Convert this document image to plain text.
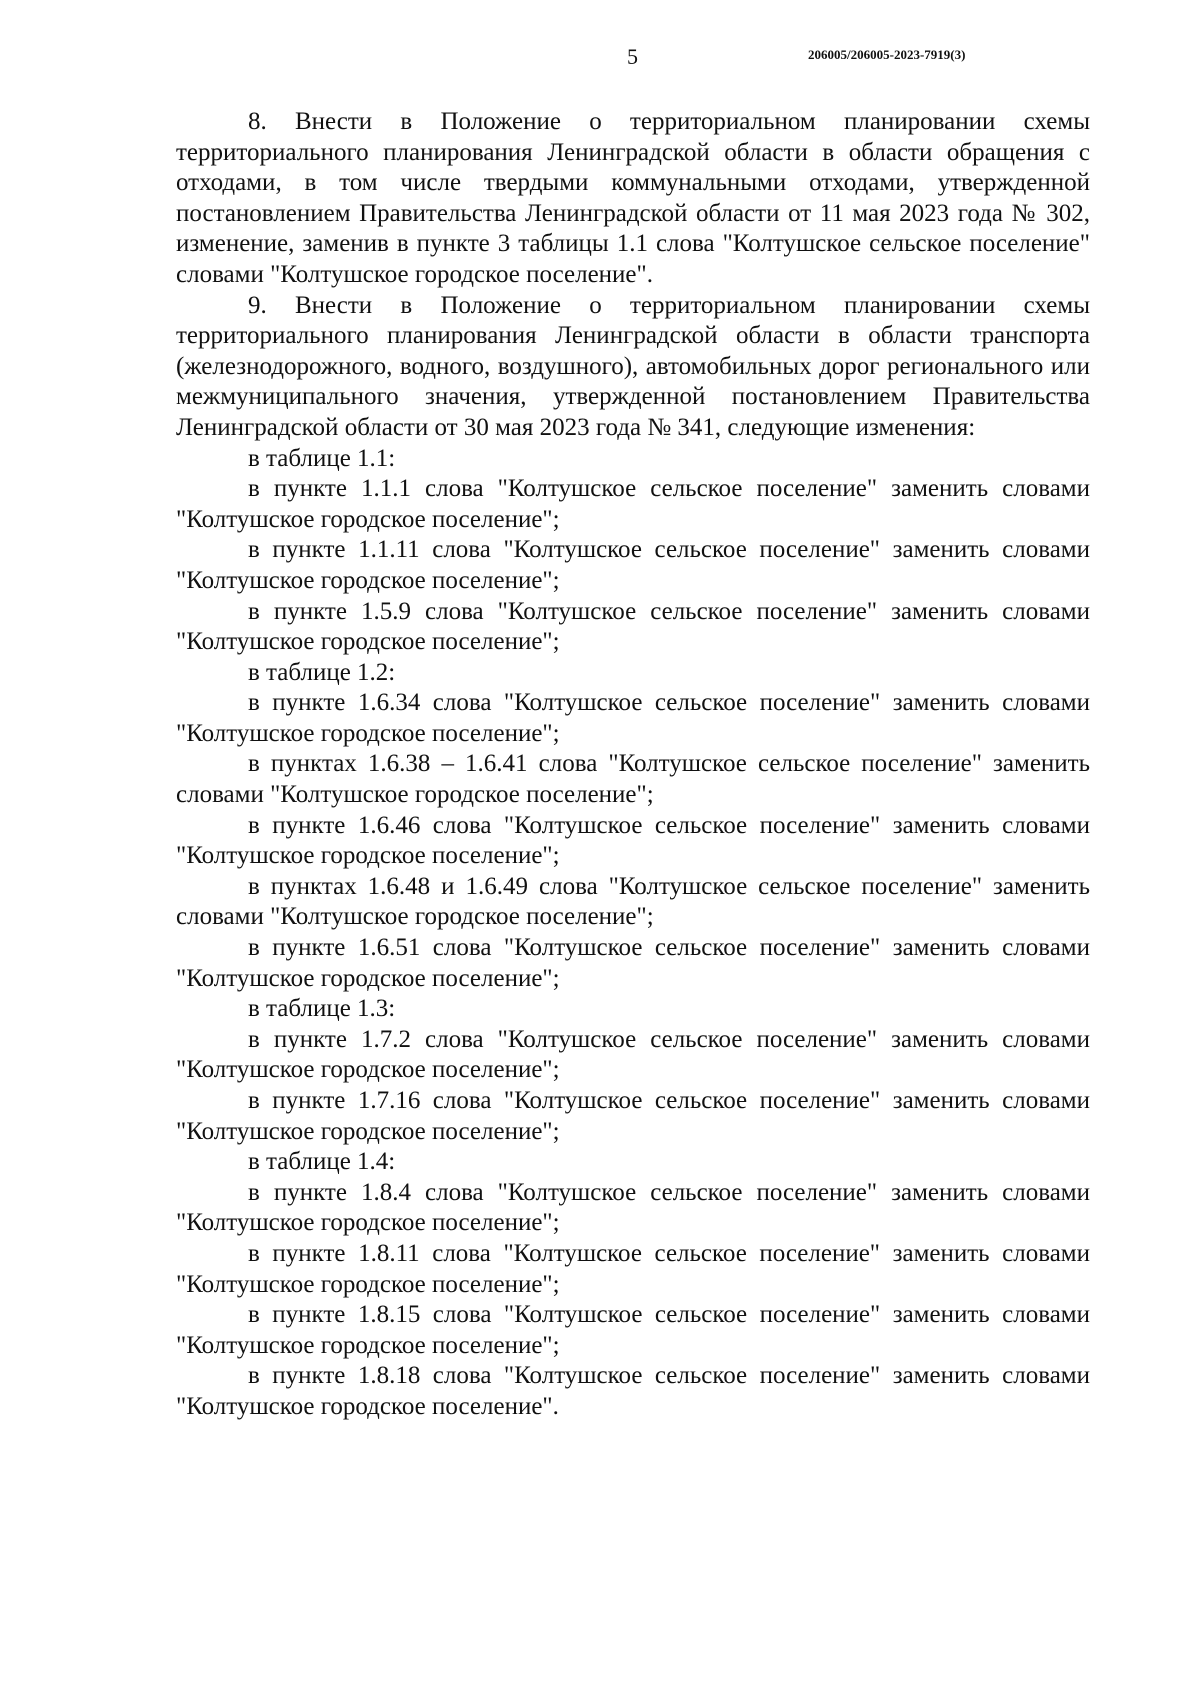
5	206005/206005-2023-7919(3)

8. Внести в Положение о территориальном планировании схемы территориального планирования Ленинградской области в области обращения с отходами, в том числе твердыми коммунальными отходами, утвержденной постановлением Правительства Ленинградской области от 11 мая 2023 года № 302, изменение, заменив в пункте 3 таблицы 1.1 слова "Колтушское сельское поселение" словами "Колтушское городское поселение".

9. Внести в Положение о территориальном планировании схемы территориального планирования Ленинградской области в области транспорта (железнодорожного, водного, воздушного), автомобильных дорог регионального или межмуниципального значения, утвержденной постановлением Правительства Ленинградской области от 30 мая 2023 года № 341, следующие изменения:

в таблице 1.1:

в пункте 1.1.1 слова "Колтушское сельское поселение" заменить словами "Колтушское городское поселение";

в пункте 1.1.11 слова "Колтушское сельское поселение" заменить словами "Колтушское городское поселение";

в пункте 1.5.9 слова "Колтушское сельское поселение" заменить словами "Колтушское городское поселение";

в таблице 1.2:

в пункте 1.6.34 слова "Колтушское сельское поселение" заменить словами "Колтушское городское поселение";

в пунктах 1.6.38 – 1.6.41 слова "Колтушское сельское поселение" заменить словами "Колтушское городское поселение";

в пункте 1.6.46 слова "Колтушское сельское поселение" заменить словами "Колтушское городское поселение";

в пунктах 1.6.48 и 1.6.49 слова "Колтушское сельское поселение" заменить словами "Колтушское городское поселение";

в пункте 1.6.51 слова "Колтушское сельское поселение" заменить словами "Колтушское городское поселение";

в таблице 1.3:

в пункте 1.7.2 слова "Колтушское сельское поселение" заменить словами "Колтушское городское поселение";

в пункте 1.7.16 слова "Колтушское сельское поселение" заменить словами "Колтушское городское поселение";

в таблице 1.4:

в пункте 1.8.4 слова "Колтушское сельское поселение" заменить словами "Колтушское городское поселение";

в пункте 1.8.11 слова "Колтушское сельское поселение" заменить словами "Колтушское городское поселение";

в пункте 1.8.15 слова "Колтушское сельское поселение" заменить словами "Колтушское городское поселение";

в пункте 1.8.18 слова "Колтушское сельское поселение" заменить словами "Колтушское городское поселение".
